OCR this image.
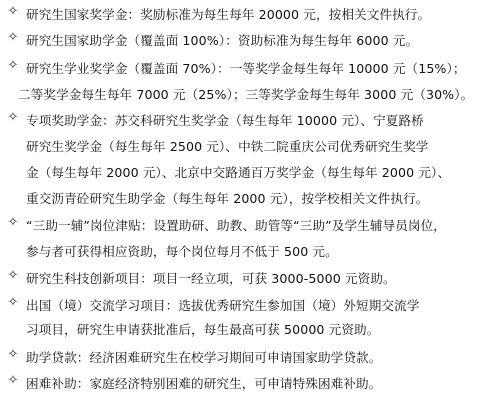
✧ 研究生国家奖学金：奖励标准为每生每年 20000 元，按相关文件执行。
✧ 研究生国家助学金（覆盖面 100%）：资助标准为每生每年 6000 元。
✧ 研究生学业奖学金（覆盖面 70%）：一等奖学金每生每年 10000 元（15%）；
二等奖学金每生每年 7000 元（25%）；三等奖学金每生每年 3000 元（30%）。
✧ 专项奖助学金：苏交科研究生奖学金（每生每年 10000 元）、宁夏路桥
研究生奖学金（每生每年 2500 元）、中铁二院重庆公司优秀研究生奖学
金（每生每年 2000 元）、北京中交路通百万奖学金（每生每年 2000 元）、
重交沥青砼研究生助学金（每生每年 2000 元），按学校相关文件执行。
✧ “三助一辅”岗位津贴：设置助研、助教、助管等“三助”及学生辅导员岗位，
参与者可获得相应资助，每个岗位每月不低于 500 元。
✧ 研究生科技创新项目：项目一经立项，可获 3000-5000 元资助。
✧ 出国（境）交流学习项目：选拔优秀研究生参加国（境）外短期交流学
习项目，研究生申请获批准后，每生最高可获 50000 元资助。
✧ 助学贷款：经济困难研究生在校学习期间可申请国家助学贷款。
✧ 困难补助：家庭经济特别困难的研究生，可申请特殊困难补助。
